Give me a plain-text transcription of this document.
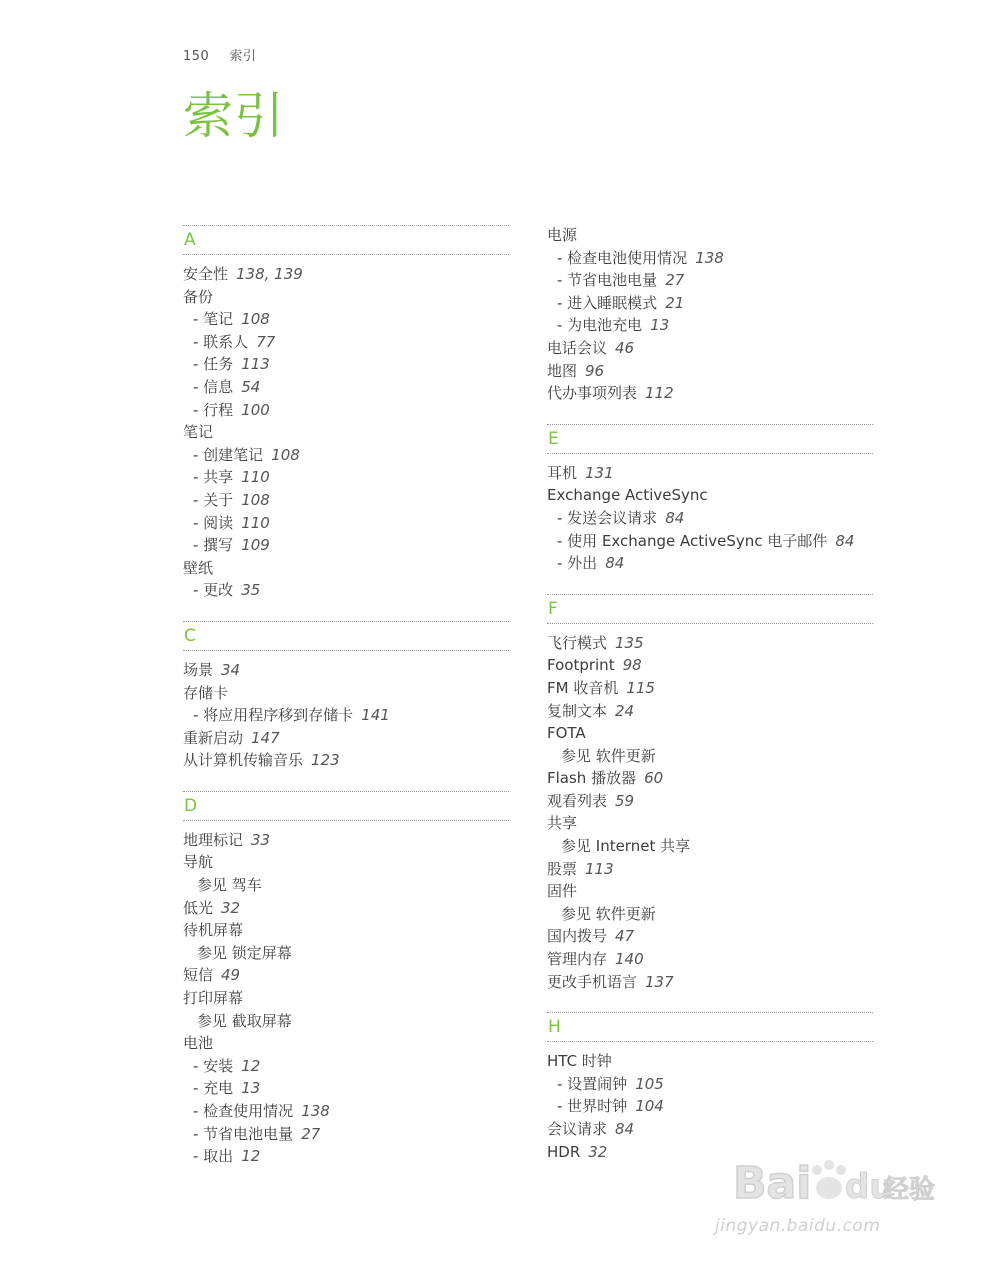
150 索引
索引
A
安全性 138, 139
备份
- 笔记 108
- 联系人 77
- 任务 113
- 信息 54
- 行程 100
笔记
- 创建笔记 108
- 共享 110
- 关于 108
- 阅读 110
- 撰写 109
壁纸
- 更改 35
C
场景 34
存储卡
- 将应用程序移到存储卡 141
重新启动 147
从计算机传输音乐 123
D
地理标记 33
导航
参见 驾车
低光 32
待机屏幕
参见 锁定屏幕
短信 49
打印屏幕
参见 截取屏幕
电池
- 安装 12
- 充电 13
- 检查使用情况 138
- 节省电池电量 27
- 取出 12
电源
- 检查电池使用情况 138
- 节省电池电量 27
- 进入睡眠模式 21
- 为电池充电 13
电话会议 46
地图 96
代办事项列表 112
E
耳机 131
Exchange ActiveSync
- 发送会议请求 84
- 使用 Exchange ActiveSync 电子邮件 84
- 外出 84
F
飞行模式 135
Footprint 98
FM 收音机 115
复制文本 24
FOTA
参见 软件更新
Flash 播放器 60
观看列表 59
共享
参见 Internet 共享
股票 113
固件
参见 软件更新
国内拨号 47
管理内存 140
更改手机语言 137
H
HTC 时钟
- 设置闹钟 105
- 世界时钟 104
会议请求 84
HDR 32
Bai du
经验
jingyan.baidu.com
